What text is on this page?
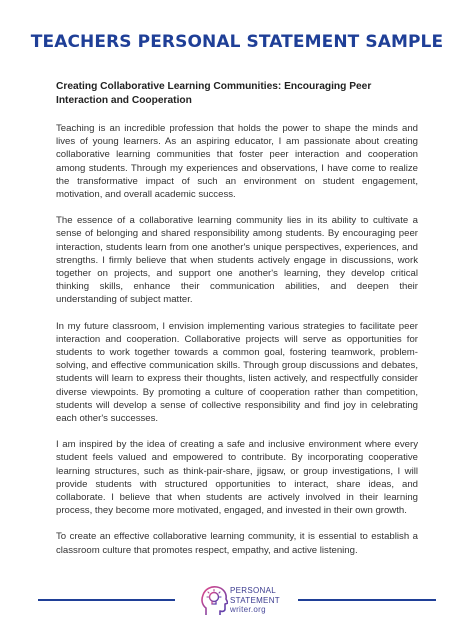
TEACHERS PERSONAL STATEMENT SAMPLE

Creating Collaborative Learning Communities: Encouraging Peer Interaction and Cooperation

Teaching is an incredible profession that holds the power to shape the minds and lives of young learners. As an aspiring educator, I am passionate about creating collaborative learning communities that foster peer interaction and cooperation among students. Through my experiences and observations, I have come to realize the transformative impact of such an environment on student engagement, motivation, and overall academic success.

The essence of a collaborative learning community lies in its ability to cultivate a sense of belonging and shared responsibility among students. By encouraging peer interaction, students learn from one another's unique perspectives, experiences, and strengths. I firmly believe that when students actively engage in discussions, work together on projects, and support one another's learning, they develop critical thinking skills, enhance their communication abilities, and deepen their understanding of subject matter.

In my future classroom, I envision implementing various strategies to facilitate peer interaction and cooperation. Collaborative projects will serve as opportunities for students to work together towards a common goal, fostering teamwork, problem-solving, and effective communication skills. Through group discussions and debates, students will learn to express their thoughts, listen actively, and respectfully consider diverse viewpoints. By promoting a culture of cooperation rather than competition, students will develop a sense of collective responsibility and find joy in celebrating each other's successes.

I am inspired by the idea of creating a safe and inclusive environment where every student feels valued and empowered to contribute. By incorporating cooperative learning structures, such as think-pair-share, jigsaw, or group investigations, I will provide students with structured opportunities to interact, share ideas, and collaborate. I believe that when students are actively involved in their learning process, they become more motivated, engaged, and invested in their own growth.

To create an effective collaborative learning community, it is essential to establish a classroom culture that promotes respect, empathy, and active listening.

PERSONAL
STATEMENT
writer.org
